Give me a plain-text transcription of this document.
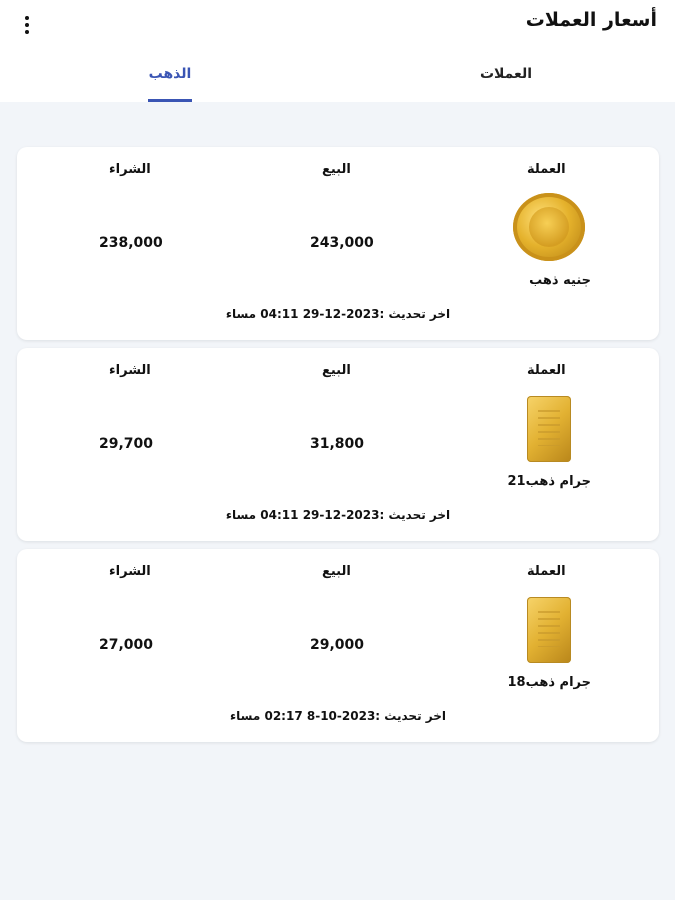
أسعار العملات
العملات
الذهب
العملة
البيع
الشراء
243,000
238,000
جنيه ذهب
اخر تحديث :2023-12-29 04:11 مساء
العملة
البيع
الشراء
31,800
29,700
جرام ذهب21
اخر تحديث :2023-12-29 04:11 مساء
العملة
البيع
الشراء
29,000
27,000
جرام ذهب18
اخر تحديث :2023-10-8 02:17 مساء
